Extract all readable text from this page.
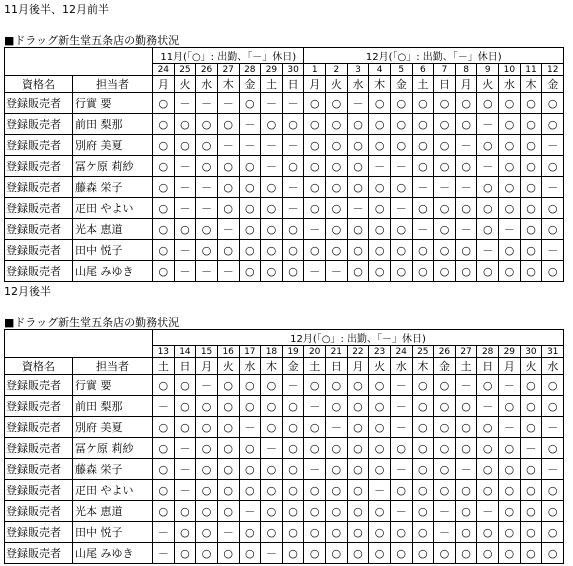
11月後半、12月前半
■ドラッグ新生堂五条店の勤務状況
		11月(「○」: 出勤、「－」休日)							12月(「○」: 出勤、「－」休日)											
		24	25	26	27	28	29	30	1	2	3	4	5	6	7	8	9	10	11	12
資格名	担当者	月	火	水	木	金	土	日	月	火	水	木	金	土	日	月	火	水	木	金
登録販売者	行實 要	○	－	－	－	○	－	－	○	○	－	○	○	○	○	○	○	○	○	○
登録販売者	前田 梨那	○	○	○	○	－	○	○	○	○	○	○	○	○	○	○	－	○	○	○
登録販売者	別府 美夏	○	○	○	－	－	－	－	○	○	○	○	○	○	○	－	○	○	○	－
登録販売者	冨ケ原 莉紗	○	－	○	○	○	－	○	○	○	○	－	－	○	○	○	－	○	○	○
登録販売者	藤森 栄子	○	－	－	○	○	○	－	○	○	○	○	○	－	－	－	○	○	○	－
登録販売者	疋田 やよい	○	－	－	○	○	○	－	○	○	－	○	－	○	○	○	○	○	○	○
登録販売者	光本 恵道	○	○	○	－	○	○	○	－	○	○	○	○	－	○	－	○	－	○	○
登録販売者	田中 悦子	○	－	○	○	○	○	○	○	○	○	○	○	○	○	○	－	○	○	－
登録販売者	山尾 みゆき	○	－	－	－	○	○	○	－	－	○	○	○	○	○	○	○	○	○	○
12月後半
■ドラッグ新生堂五条店の勤務状況
		12月(「○」: 出勤、「－」休日)																		
		13	14	15	16	17	18	19	20	21	22	23	24	25	26	27	28	29	30	31
資格名	担当者	土	日	月	火	水	木	金	土	日	月	火	水	木	金	土	日	月	火	水
登録販売者	行實 要	○	○	－	○	○	○	－	○	○	○	○	－	○	○	－	○	－	○	○
登録販売者	前田 梨那	－	○	○	○	○	○	○	－	○	○	○	－	○	○	○	－	○	○	○
登録販売者	別府 美夏	○	○	○	○	－	○	○	○	－	○	○	－	○	○	○	○	－	○	－
登録販売者	冨ケ原 莉紗	○	－	○	○	○	－	○	○	○	○	○	○	○	○	○	○	○	－	○
登録販売者	藤森 栄子	○	－	○	○	○	○	○	－	○	○	○	－	○	○	－	○	○	○	－
登録販売者	疋田 やよい	○	－	○	○	○	○	○	○	○	○	－	○	○	○	○	○	○	○	○
登録販売者	光本 恵道	○	○	○	○	－	○	○	○	○	○	○	－	○	－	○	－	○	○	○
登録販売者	田中 悦子	－	○	○	－	○	○	○	○	○	○	○	○	○	－	○	○	○	○	○
登録販売者	山尾 みゆき	－	○	○	○	○	－	○	○	○	○	○	○	○	○	○	○	○	○	○
